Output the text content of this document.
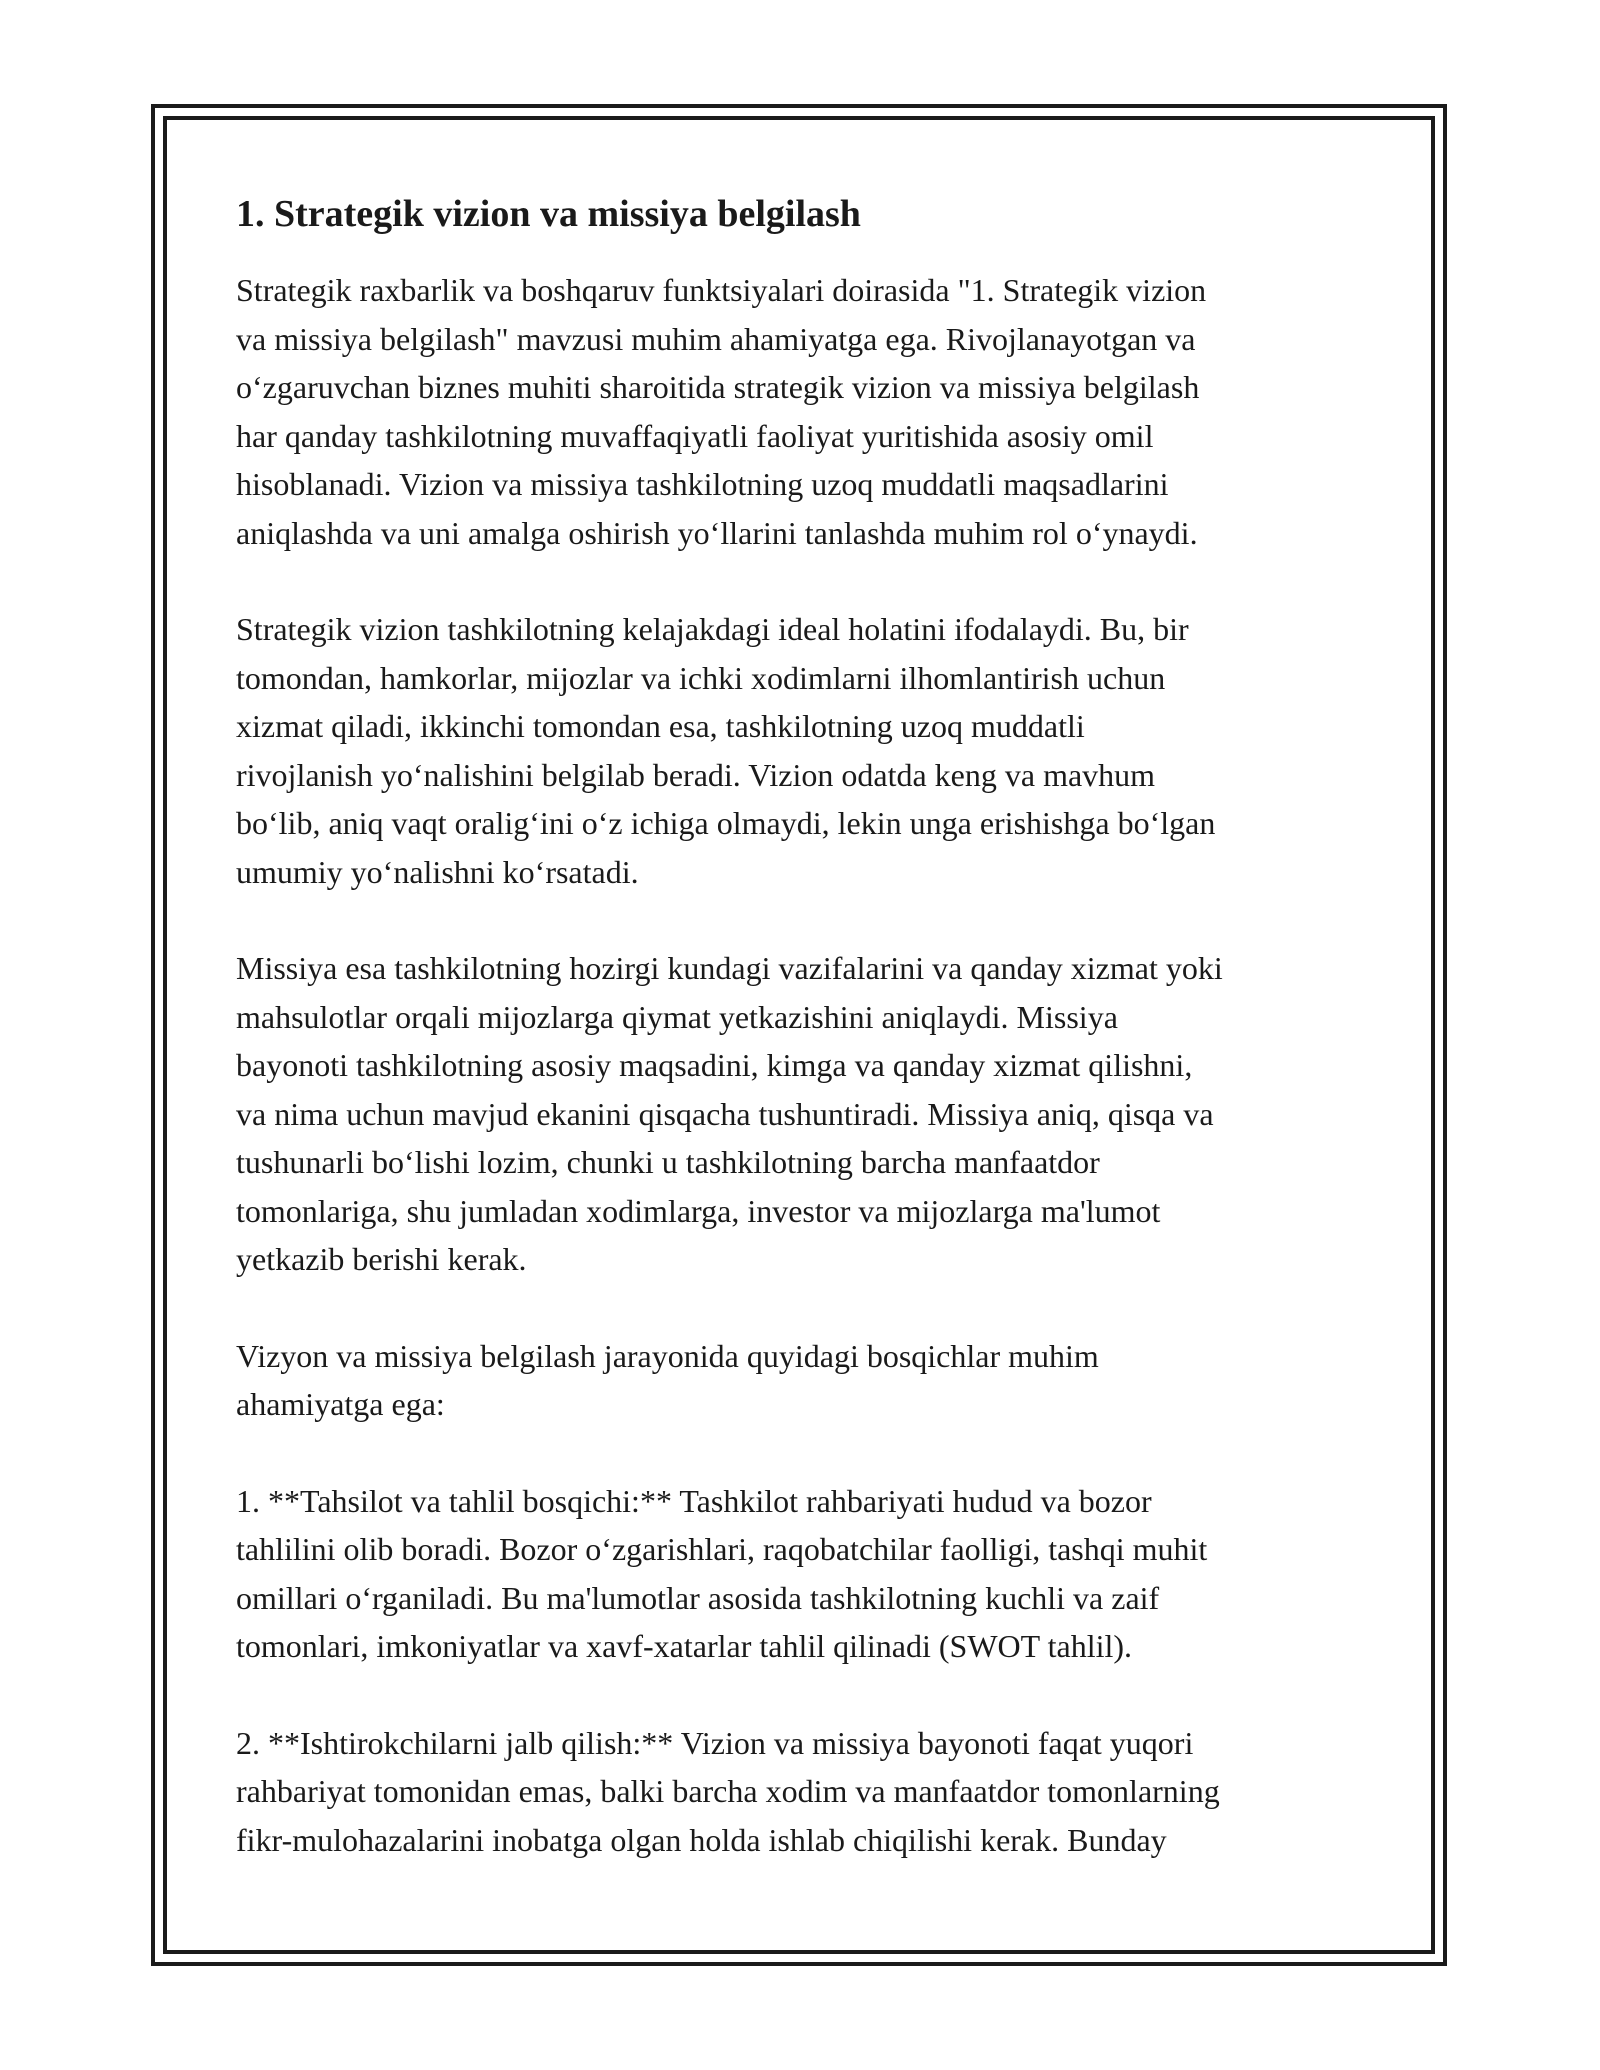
1. Strategik vizion va missiya belgilash

Strategik raxbarlik va boshqaruv funktsiyalari doirasida "1. Strategik vizion
va missiya belgilash" mavzusi muhim ahamiyatga ega. Rivojlanayotgan va
oʻzgaruvchan biznes muhiti sharoitida strategik vizion va missiya belgilash
har qanday tashkilotning muvaffaqiyatli faoliyat yuritishida asosiy omil
hisoblanadi. Vizion va missiya tashkilotning uzoq muddatli maqsadlarini
aniqlashda va uni amalga oshirish yoʻllarini tanlashda muhim rol oʻynaydi.

Strategik vizion tashkilotning kelajakdagi ideal holatini ifodalaydi. Bu, bir
tomondan, hamkorlar, mijozlar va ichki xodimlarni ilhomlantirish uchun
xizmat qiladi, ikkinchi tomondan esa, tashkilotning uzoq muddatli
rivojlanish yoʻnalishini belgilab beradi. Vizion odatda keng va mavhum
boʻlib, aniq vaqt oraligʻini oʻz ichiga olmaydi, lekin unga erishishga boʻlgan
umumiy yoʻnalishni koʻrsatadi.

Missiya esa tashkilotning hozirgi kundagi vazifalarini va qanday xizmat yoki
mahsulotlar orqali mijozlarga qiymat yetkazishini aniqlaydi. Missiya
bayonoti tashkilotning asosiy maqsadini, kimga va qanday xizmat qilishni,
va nima uchun mavjud ekanini qisqacha tushuntiradi. Missiya aniq, qisqa va
tushunarli boʻlishi lozim, chunki u tashkilotning barcha manfaatdor
tomonlariga, shu jumladan xodimlarga, investor va mijozlarga ma'lumot
yetkazib berishi kerak.

Vizyon va missiya belgilash jarayonida quyidagi bosqichlar muhim
ahamiyatga ega:

1. **Tahsilot va tahlil bosqichi:** Tashkilot rahbariyati hudud va bozor
tahlilini olib boradi. Bozor oʻzgarishlari, raqobatchilar faolligi, tashqi muhit
omillari oʻrganiladi. Bu ma'lumotlar asosida tashkilotning kuchli va zaif
tomonlari, imkoniyatlar va xavf-xatarlar tahlil qilinadi (SWOT tahlil).

2. **Ishtirokchilarni jalb qilish:** Vizion va missiya bayonoti faqat yuqori
rahbariyat tomonidan emas, balki barcha xodim va manfaatdor tomonlarning
fikr-mulohazalarini inobatga olgan holda ishlab chiqilishi kerak. Bunday
